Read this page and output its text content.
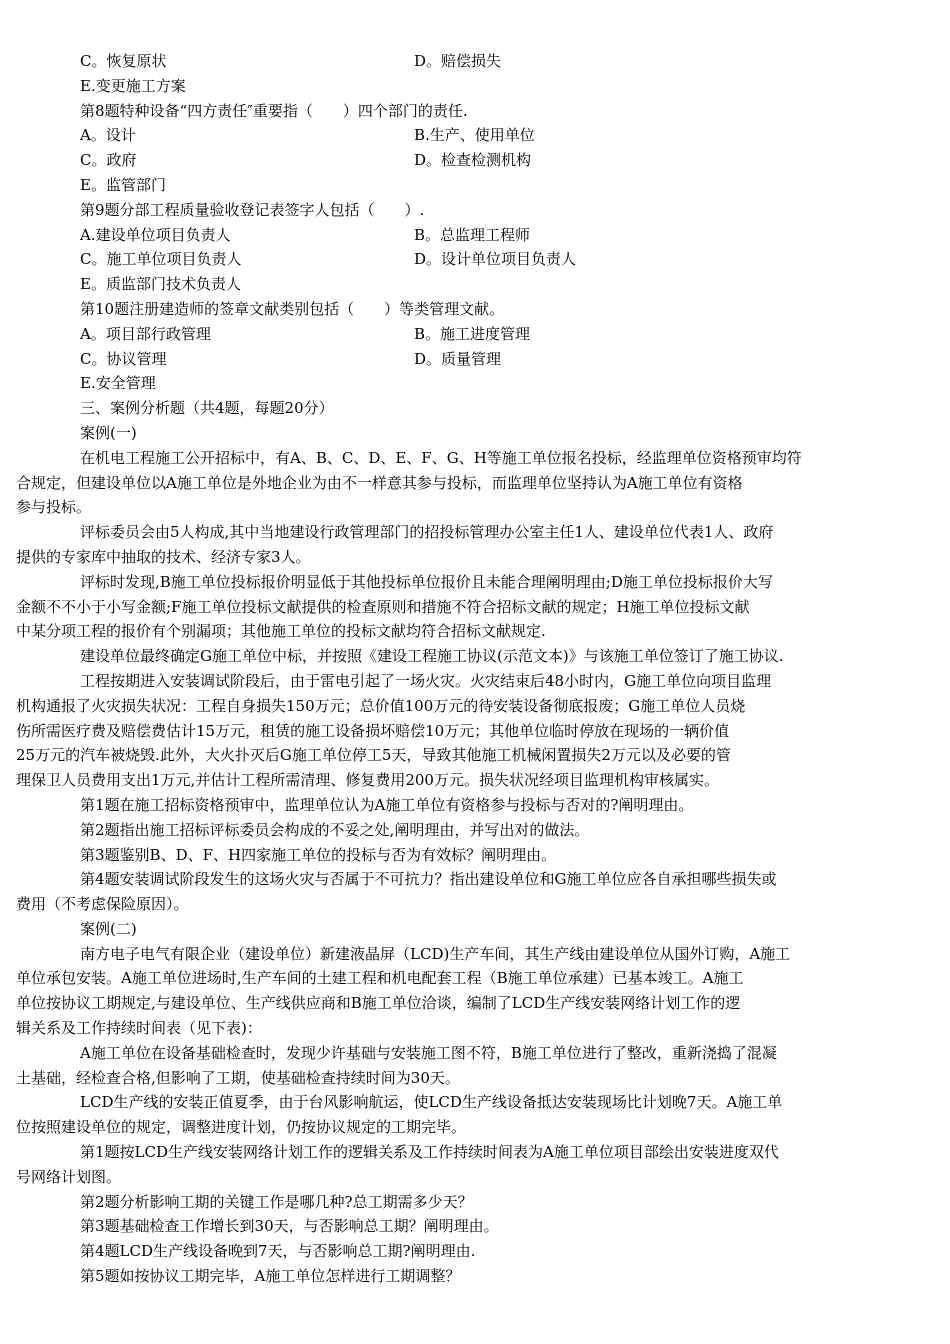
C。恢复原状	D。赔偿损失
E.变更施工方案
第8题特种设备“四方责任″重要指（　　）四个部门的责任.
A。设计	B.生产、使用单位
C。政府	D。检查检测机构
E。监管部门
第9题分部工程质量验收登记表签字人包括（　　）.
A.建设单位项目负责人	B。总监理工程师
C。施工单位项目负责人	D。设计单位项目负责人
E。质监部门技术负责人
第10题注册建造师的签章文献类别包括（　　）等类管理文献。
A。项目部行政管理	B。施工进度管理
C。协议管理	D。质量管理
E.安全管理
三、案例分析题（共4题，每题20分）
案例(一)
在机电工程施工公开招标中，有A、B、C、D、E、F、G、H等施工单位报名投标，经监理单位资格预审均符
合规定，但建设单位以A施工单位是外地企业为由不一样意其参与投标，而监理单位坚持认为A施工单位有资格
参与投标。
评标委员会由5人构成,其中当地建设行政管理部门的招投标管理办公室主任1人、建设单位代表1人、政府
提供的专家库中抽取的技术、经济专家3人。
评标时发现,B施工单位投标报价明显低于其他投标单位报价且未能合理阐明理由;D施工单位投标报价大写
金额不不小于小写金额;F施工单位投标文献提供的检查原则和措施不符合招标文献的规定；H施工单位投标文献
中某分项工程的报价有个别漏项；其他施工单位的投标文献均符合招标文献规定.
建设单位最终确定G施工单位中标，并按照《建设工程施工协议(示范文本)》与该施工单位签订了施工协议.
工程按期进入安装调试阶段后，由于雷电引起了一场火灾。火灾结束后48小时内，G施工单位向项目监理
机构通报了火灾损失状况：工程自身损失150万元；总价值100万元的待安装设备彻底报废；G施工单位人员烧
伤所需医疗费及赔偿费估计15万元，租赁的施工设备损坏赔偿10万元；其他单位临时停放在现场的一辆价值
25万元的汽车被烧毁.此外，大火扑灭后G施工单位停工5天，导致其他施工机械闲置损失2万元以及必要的管
理保卫人员费用支出1万元,并估计工程所需清理、修复费用200万元。损失状况经项目监理机构审核属实。
第1题在施工招标资格预审中，监理单位认为A施工单位有资格参与投标与否对的?阐明理由。
第2题指出施工招标评标委员会构成的不妥之处,阐明理由，并写出对的做法。
第3题鉴别B、D、F、H四家施工单位的投标与否为有效标？阐明理由。
第4题安装调试阶段发生的这场火灾与否属于不可抗力？指出建设单位和G施工单位应各自承担哪些损失或
费用（不考虑保险原因）。
案例(二)
南方电子电气有限企业（建设单位）新建液晶屏（LCD)生产车间，其生产线由建设单位从国外订购，A施工
单位承包安装。A施工单位进场时,生产车间的土建工程和机电配套工程（B施工单位承建）已基本竣工。A施工
单位按协议工期规定,与建设单位、生产线供应商和B施工单位洽谈，编制了LCD生产线安装网络计划工作的逻
辑关系及工作持续时间表（见下表)：
A施工单位在设备基础检查时，发现少许基础与安装施工图不符，B施工单位进行了整改，重新浇捣了混凝
土基础，经检查合格,但影响了工期，使基础检查持续时间为30天。
LCD生产线的安装正值夏季，由于台风影响航运，使LCD生产线设备抵达安装现场比计划晚7天。A施工单
位按照建设单位的规定，调整进度计划，仍按协议规定的工期完毕。
第1题按LCD生产线安装网络计划工作的逻辑关系及工作持续时间表为A施工单位项目部绘出安装进度双代
号网络计划图。
第2题分析影响工期的关键工作是哪几种?总工期需多少天？
第3题基础检查工作增长到30天，与否影响总工期？阐明理由。
第4题LCD生产线设备晚到7天，与否影响总工期?阐明理由.
第5题如按协议工期完毕，A施工单位怎样进行工期调整？
